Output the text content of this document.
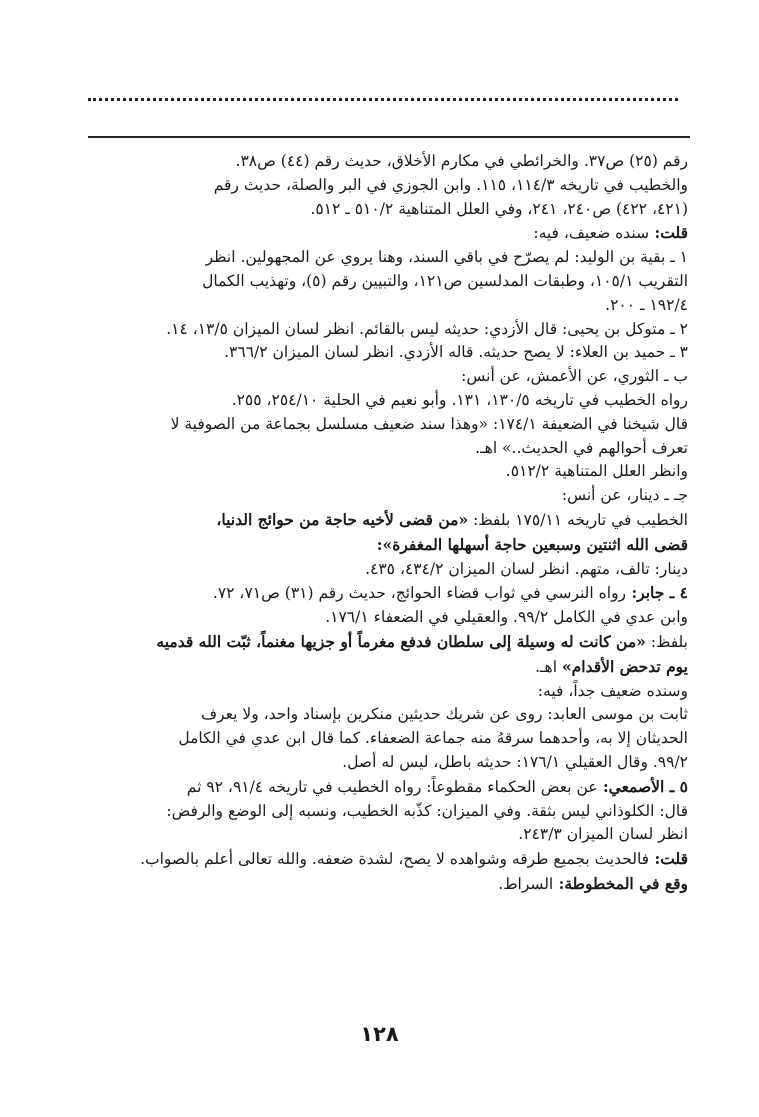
رقم (٢٥) ص٣٧. والخرائطي في مكارم الأخلاق، حديث رقم (٤٤) ص٣٨.

والخطيب في تاريخه ١١٤/٣، ١١٥. وابن الجوزي في البر والصلة، حديث رقم

(٤٢١، ٤٢٢) ص٢٤٠، ٢٤١، وفي العلل المتناهية ٥١٠/٢ ـ ٥١٢.

قلت: سنده ضعيف، فيه:

١ ـ بقية بن الوليد: لم يصرّح في باقي السند، وهنا يروي عن المجهولين. انظر

التقريب ١٠٥/١، وطبقات المدلسين ص١٢١، والتبيين رقم (٥)، وتهذيب الكمال

١٩٢/٤ ـ ٢٠٠.

٢ ـ متوكل بن يحيى: قال الأزدي: حديثه ليس بالقائم. انظر لسان الميزان ١٣/٥، ١٤.

٣ ـ حميد بن العلاء: لا يصح حديثه. قاله الأزدي. انظر لسان الميزان ٣٦٦/٢.

ب ـ الثوري، عن الأعمش، عن أنس:

رواه الخطيب في تاريخه ١٣٠/٥، ١٣١. وأبو نعيم في الحلية ٢٥٤/١٠، ٢٥٥.

قال شيخنا في الضعيفة ١٧٤/١: «وهذا سند ضعيف مسلسل بجماعة من الصوفية لا

تعرف أحوالهم في الحديث..» اهـ.

وانظر العلل المتناهية ٥١٢/٢.

جـ ـ دينار، عن أنس:

الخطيب في تاريخه ١٧٥/١١ بلفظ: «من قضى لأخيه حاجة من حوائج الدنيا،

قضى الله اثنتين وسبعين حاجة أسهلها المغفرة»:

دينار: تالف، متهم. انظر لسان الميزان ٤٣٤/٢، ٤٣٥.

٤ ـ جابر: رواه النرسي في ثواب قضاء الحوائج، حديث رقم (٣١) ص٧١، ٧٢.

وابن عدي في الكامل ٩٩/٢. والعقيلي في الضعفاء ١٧٦/١.

بلفظ: «من كانت له وسيلة إلى سلطان فدفع مغرماً أو جزيها مغنماً، ثبّت الله قدميه

يوم تدحض الأقدام» اهـ.

وسنده ضعيف جداً، فيه:

ثابت بن موسى العابد: روى عن شريك حديثين منكرين بإسناد واحد، ولا يعرف

الحديثان إلا به، وأحدهما سرقهُ منه جماعة الضعفاء. كما قال ابن عدي في الكامل

٩٩/٢. وقال العقيلي ١٧٦/١: حديثه باطل، ليس له أصل.

٥ ـ الأصمعي: عن بعض الحكماء مقطوعاً: رواه الخطيب في تاريخه ٩١/٤، ٩٢ ثم

قال: الكلوذاني ليس بثقة. وفي الميزان: كذّبه الخطيب، ونسبه إلى الوضع والرفض:

انظر لسان الميزان ٢٤٣/٣.

قلت: فالحديث بجميع طرقه وشواهده لا يصح، لشدة ضعفه. والله تعالى أعلم بالصواب.

وقع في المخطوطة: السراط.

١٢٨
